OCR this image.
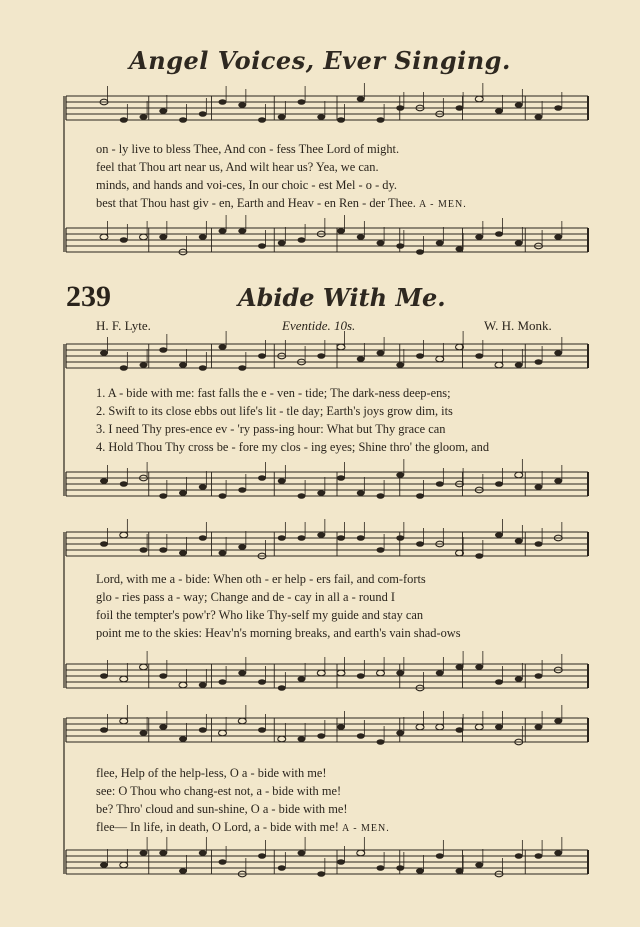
Angel Voices, Ever Singing.
on - ly live to bless Thee, And con - fess Thee Lord of might.
feel that Thou art near us, And wilt hear us? Yea, we can.
minds, and hands and voi-ces, In our choic - est Mel - o - dy.
best that Thou hast giv - en, Earth and Heav - en Ren - der Thee. A - MEN.
239	Abide With Me.
H. F. Lyte.	Eventide. 10s.	W. H. Monk.
1. A - bide with me: fast falls the e - ven - tide; The dark-ness deep-ens;
2. Swift to its close ebbs out life's lit - tle day; Earth's joys grow dim, its
3. I need Thy pres-ence ev - 'ry pass-ing hour: What but Thy grace can
4. Hold Thou Thy cross be - fore my clos - ing eyes; Shine thro' the gloom, and
Lord, with me a - bide: When oth - er help - ers fail, and com-forts
glo - ries pass a - way; Change and de - cay in all a - round I
foil the tempter's pow'r? Who like Thy-self my guide and stay can
point me to the skies: Heav'n's morning breaks, and earth's vain shad-ows
flee, Help of the help-less, O a - bide with me!
see: O Thou who chang-est not, a - bide with me!
be? Thro' cloud and sun-shine, O a - bide with me!
flee— In life, in death, O Lord, a - bide with me! A - MEN.
